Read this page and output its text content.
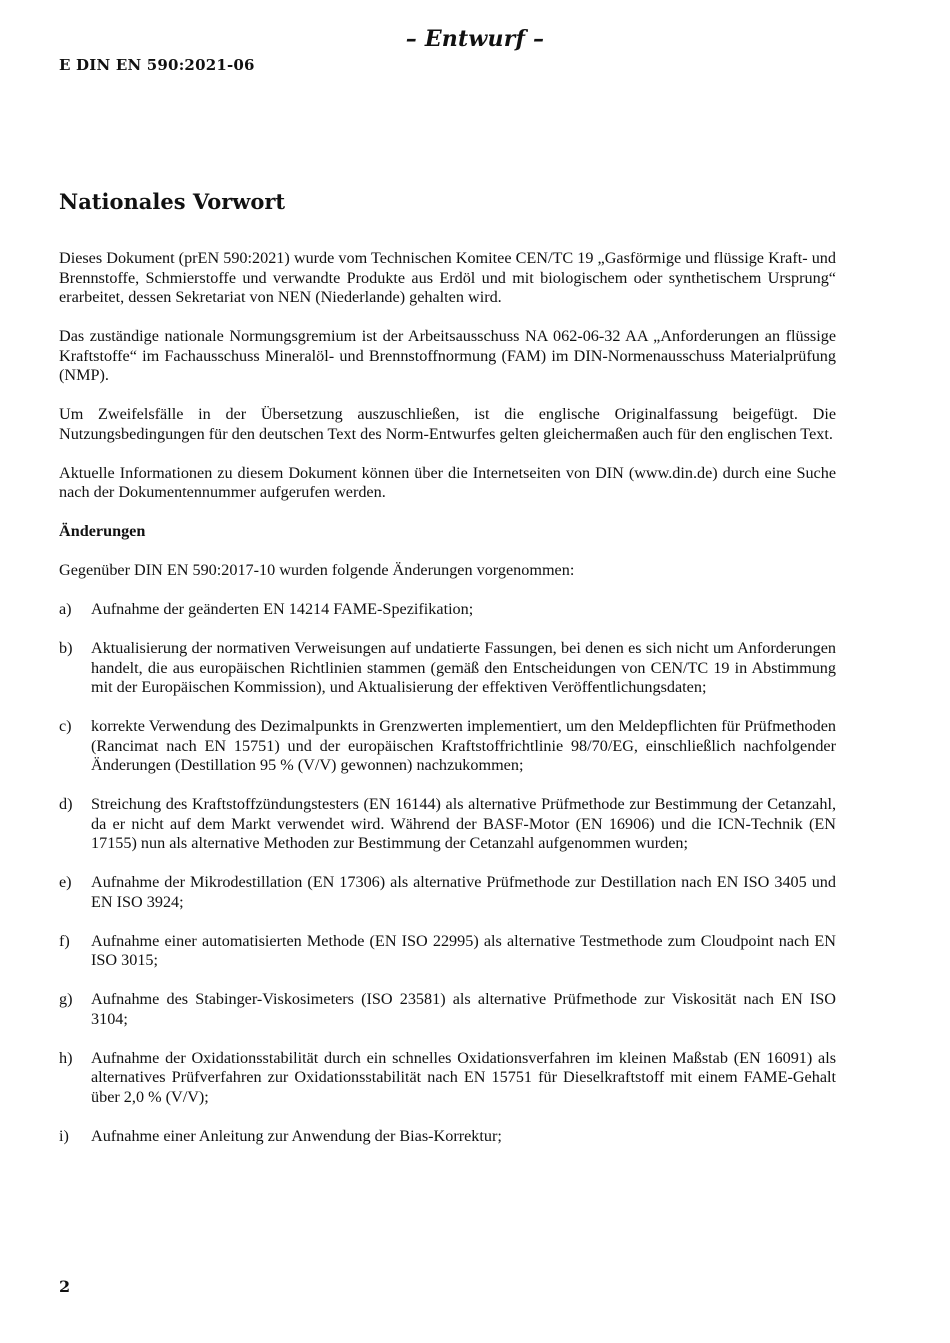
– Entwurf –
E DIN EN 590:2021-06
Nationales Vorwort

Dieses Dokument (prEN 590:2021) wurde vom Technischen Komitee CEN/TC 19 „Gasförmige und flüssige Kraft- und Brennstoffe, Schmierstoffe und verwandte Produkte aus Erdöl und mit biologischem oder synthetischem Ursprung“ erarbeitet, dessen Sekretariat von NEN (Niederlande) gehalten wird.

Das zuständige nationale Normungsgremium ist der Arbeitsausschuss NA 062-06-32 AA „Anforderungen an flüssige Kraftstoffe“ im Fachausschuss Mineralöl- und Brennstoffnormung (FAM) im DIN-Normenausschuss Materialprüfung (NMP).

Um Zweifelsfälle in der Übersetzung auszuschließen, ist die englische Originalfassung beigefügt. Die Nutzungsbedingungen für den deutschen Text des Norm-Entwurfes gelten gleichermaßen auch für den englischen Text.

Aktuelle Informationen zu diesem Dokument können über die Internetseiten von DIN (www.din.de) durch eine Suche nach der Dokumentennummer aufgerufen werden.

Änderungen

Gegenüber DIN EN 590:2017-10 wurden folgende Änderungen vorgenommen:

a)	Aufnahme der geänderten EN 14214 FAME-Spezifikation;
b)	Aktualisierung der normativen Verweisungen auf undatierte Fassungen, bei denen es sich nicht um Anforderungen handelt, die aus europäischen Richtlinien stammen (gemäß den Entscheidungen von CEN/TC 19 in Abstimmung mit der Europäischen Kommission), und Aktualisierung der effektiven Veröffentlichungsdaten;
c)	korrekte Verwendung des Dezimalpunkts in Grenzwerten implementiert, um den Meldepflichten für Prüfmethoden (Rancimat nach EN 15751) und der europäischen Kraftstoffrichtlinie 98/70/EG, einschließlich nachfolgender Änderungen (Destillation 95 % (V/V) gewonnen) nachzukommen;
d)	Streichung des Kraftstoffzündungstesters (EN 16144) als alternative Prüfmethode zur Bestimmung der Cetanzahl, da er nicht auf dem Markt verwendet wird. Während der BASF-Motor (EN 16906) und die ICN-Technik (EN 17155) nun als alternative Methoden zur Bestimmung der Cetanzahl aufgenommen wurden;
e)	Aufnahme der Mikrodestillation (EN 17306) als alternative Prüfmethode zur Destillation nach EN ISO 3405 und EN ISO 3924;
f)	Aufnahme einer automatisierten Methode (EN ISO 22995) als alternative Testmethode zum Cloudpoint nach EN ISO 3015;
g)	Aufnahme des Stabinger-Viskosimeters (ISO 23581) als alternative Prüfmethode zur Viskosität nach EN ISO 3104;
h)	Aufnahme der Oxidationsstabilität durch ein schnelles Oxidationsverfahren im kleinen Maßstab (EN 16091) als alternatives Prüfverfahren zur Oxidationsstabilität nach EN 15751 für Dieselkraftstoff mit einem FAME-Gehalt über 2,0 % (V/V);
i)	Aufnahme einer Anleitung zur Anwendung der Bias-Korrektur;
2
